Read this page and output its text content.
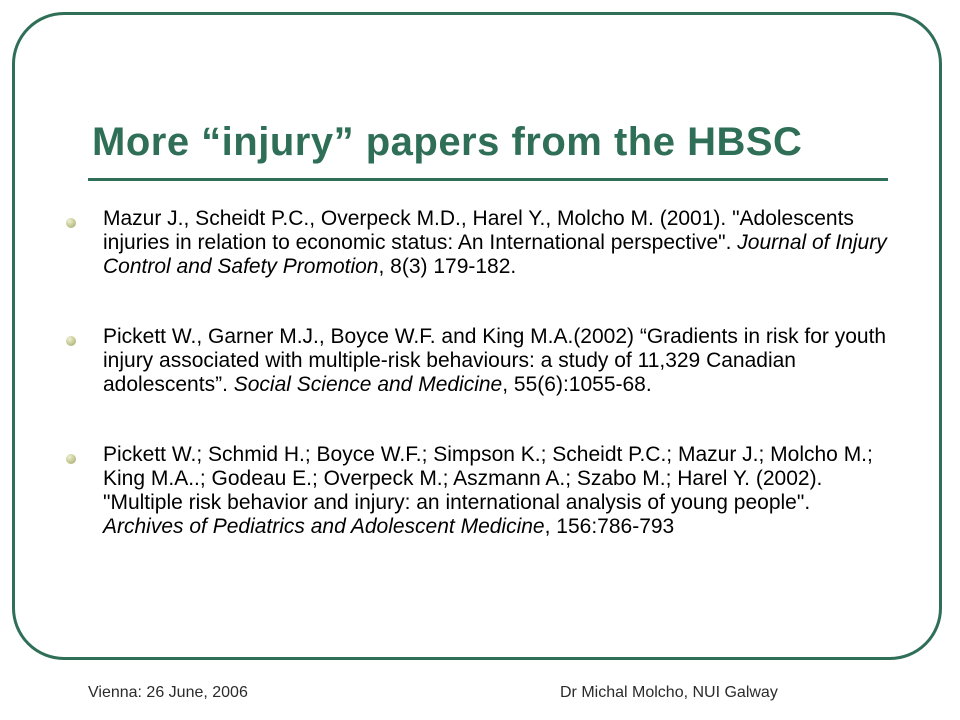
More “injury” papers from the HBSC
Mazur J., Scheidt P.C., Overpeck M.D., Harel Y., Molcho M. (2001). "Adolescents injuries in relation to economic status: An International perspective". Journal of Injury Control and Safety Promotion, 8(3) 179-182.
Pickett W., Garner M.J., Boyce W.F. and King M.A.(2002) “Gradients in risk for youth injury associated with multiple-risk behaviours: a study of 11,329 Canadian adolescents”. Social Science and Medicine, 55(6):1055-68.
Pickett W.; Schmid H.; Boyce W.F.; Simpson K.; Scheidt P.C.; Mazur J.; Molcho M.; King M.A..; Godeau E.; Overpeck M.; Aszmann A.; Szabo M.; Harel Y. (2002). "Multiple risk behavior and injury: an international analysis of young people". Archives of Pediatrics and Adolescent Medicine, 156:786-793
Vienna: 26 June, 2006	Dr Michal Molcho, NUI Galway
